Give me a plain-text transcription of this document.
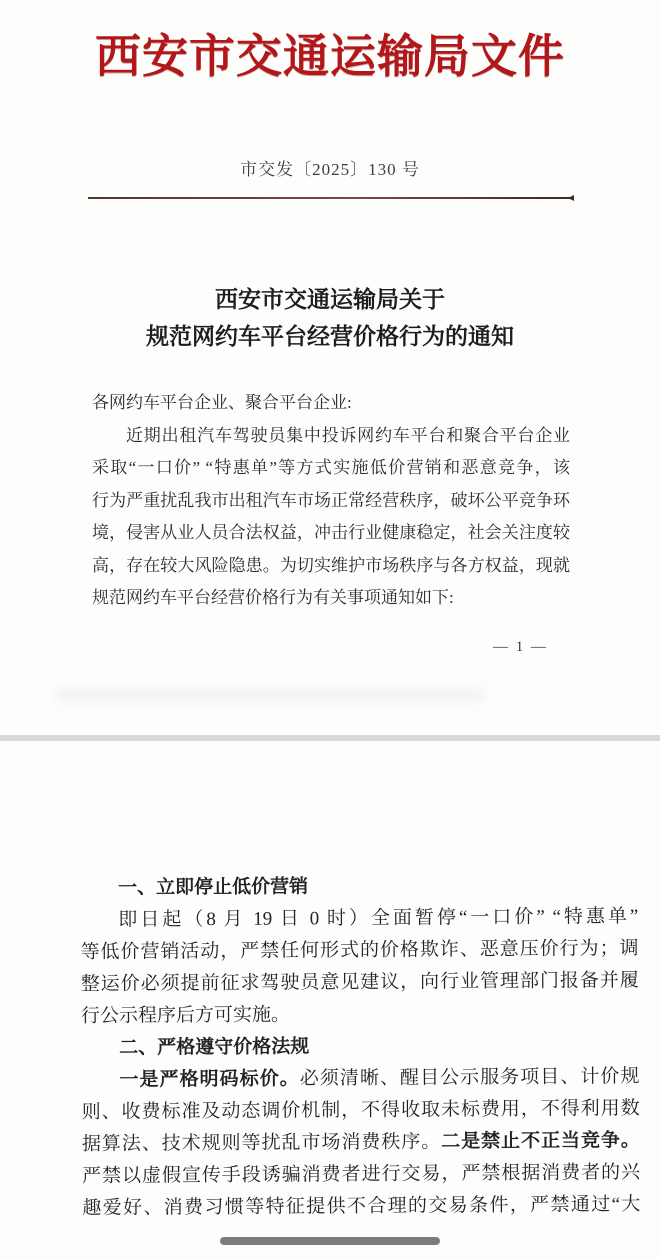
西安市交通运输局文件
市交发〔2025〕130 号
西安市交通运输局关于
规范网约车平台经营价格行为的通知
各网约车平台企业、聚合平台企业:
近期出租汽车驾驶员集中投诉网约车平台和聚合平台企业
采取“一口价” “特惠单”等方式实施低价营销和恶意竞争，该
行为严重扰乱我市出租汽车市场正常经营秩序，破坏公平竞争环
境，侵害从业人员合法权益，冲击行业健康稳定，社会关注度较
高，存在较大风险隐患。为切实维护市场秩序与各方权益，现就
规范网约车平台经营价格行为有关事项通知如下:
— 1 —
一、立即停止低价营销
即日起（8 月 19 日 0 时）全面暂停“一口价” “特惠单”
等低价营销活动，严禁任何形式的价格欺诈、恶意压价行为；调
整运价必须提前征求驾驶员意见建议，向行业管理部门报备并履
行公示程序后方可实施。
二、严格遵守价格法规
一是严格明码标价。必须清晰、醒目公示服务项目、计价规
则、收费标准及动态调价机制，不得收取未标费用，不得利用数
据算法、技术规则等扰乱市场消费秩序。二是禁止不正当竞争。
严禁以虚假宣传手段诱骗消费者进行交易，严禁根据消费者的兴
趣爱好、消费习惯等特征提供不合理的交易条件，严禁通过“大
